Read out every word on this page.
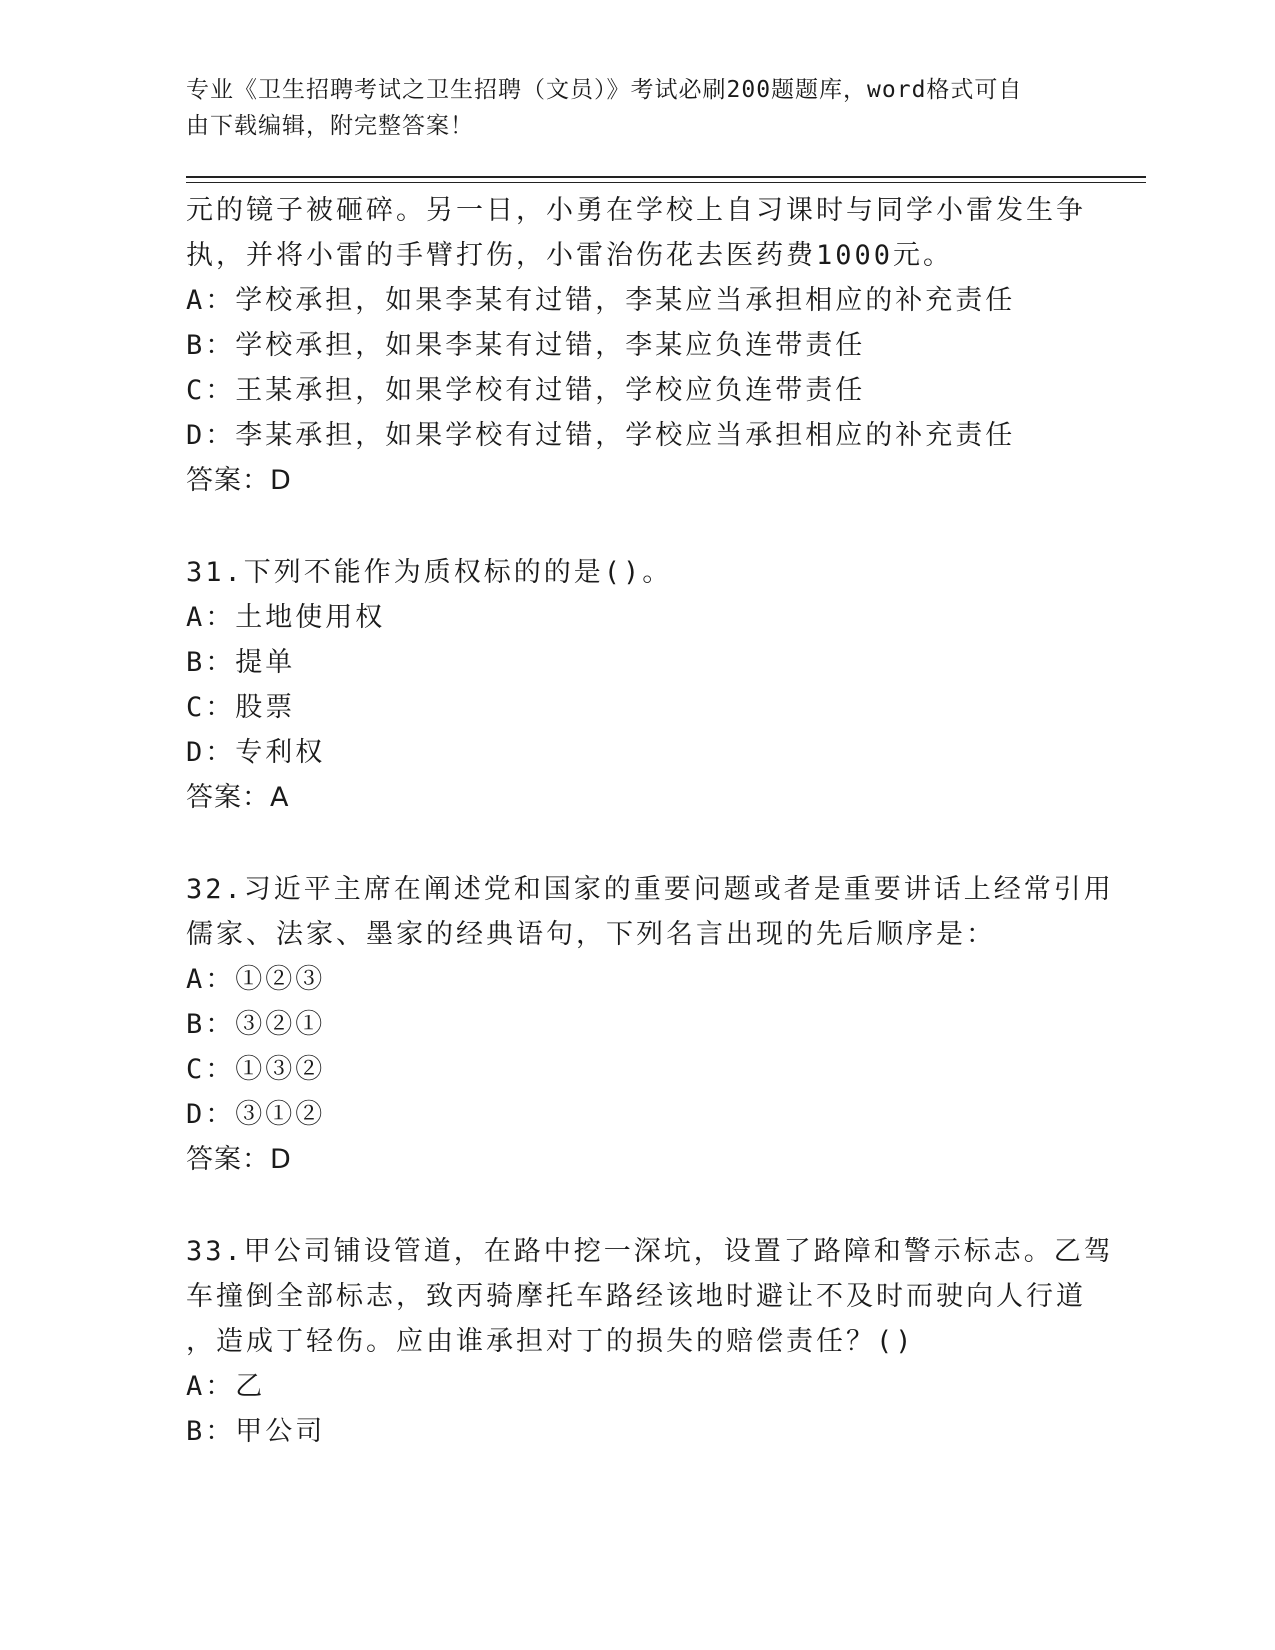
专业《卫生招聘考试之卫生招聘（文员）》考试必刷200题题库，word格式可自
由下载编辑，附完整答案！
元的镜子被砸碎。另一日，小勇在学校上自习课时与同学小雷发生争
执，并将小雷的手臂打伤，小雷治伤花去医药费1000元。
A：学校承担，如果李某有过错，李某应当承担相应的补充责任
B：学校承担，如果李某有过错，李某应负连带责任
C：王某承担，如果学校有过错，学校应负连带责任
D：李某承担，如果学校有过错，学校应当承担相应的补充责任
答案：D
31.下列不能作为质权标的的是()。
A：土地使用权
B：提单
C：股票
D：专利权
答案：A
32.习近平主席在阐述党和国家的重要问题或者是重要讲话上经常引用
儒家、法家、墨家的经典语句，下列名言出现的先后顺序是：
A：①②③
B：③②①
C：①③②
D：③①②
答案：D
33.甲公司铺设管道，在路中挖一深坑，设置了路障和警示标志。乙驾
车撞倒全部标志，致丙骑摩托车路经该地时避让不及时而驶向人行道
，造成丁轻伤。应由谁承担对丁的损失的赔偿责任？()
A：乙
B：甲公司
